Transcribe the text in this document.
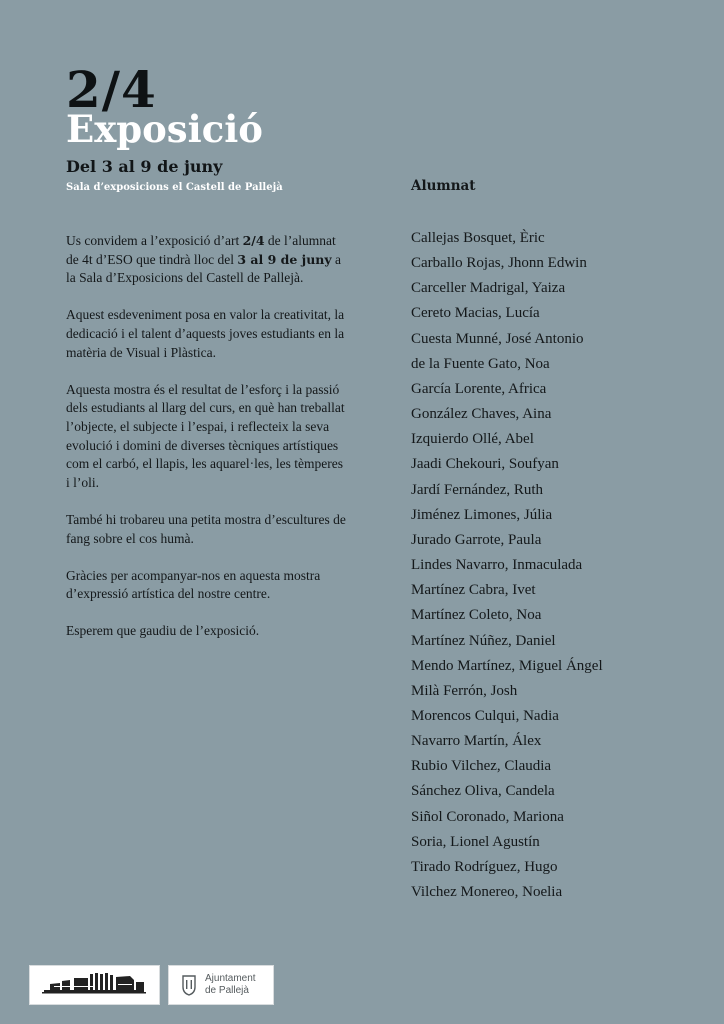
2/4
Exposició
Del 3 al 9 de juny
Sala d’exposicions el Castell de Pallejà

Us convidem a l’exposició d’art 2/4 de l’alumnat de 4t d’ESO que tindrà lloc del 3 al 9 de juny a la Sala d’Exposicions del Castell de Pallejà.

Aquest esdeveniment posa en valor la creativitat, la dedicació i el talent d’aquests joves estudiants en la matèria de Visual i Plàstica.

Aquesta mostra és el resultat de l’esforç i la passió dels estudiants al llarg del curs, en què han treballat l’objecte, el subjecte i l’espai, i reflecteix la seva evolució i domini de diverses tècniques artístiques com el carbó, el llapis, les aquarel·les, les tèmperes i l’oli.

També hi trobareu una petita mostra d’escultures de fang sobre el cos humà.

Gràcies per acompanyar-nos en aquesta mostra d’expressió artística del nostre centre.

Esperem que gaudiu de l’exposició.

Alumnat
Callejas Bosquet, Èric
Carballo Rojas, Jhonn Edwin
Carceller Madrigal, Yaiza
Cereto Macias, Lucía
Cuesta Munné, José Antonio
de la Fuente Gato, Noa
García Lorente, Africa
González Chaves, Aina
Izquierdo Ollé, Abel
Jaadi Chekouri, Soufyan
Jardí Fernández, Ruth
Jiménez Limones, Júlia
Jurado Garrote, Paula
Lindes Navarro, Inmaculada
Martínez Cabra, Ivet
Martínez Coleto, Noa
Martínez Núñez, Daniel
Mendo Martínez, Miguel Ángel
Milà Ferrón, Josh
Morencos Culqui, Nadia
Navarro Martín, Álex
Rubio Vilchez, Claudia
Sánchez Oliva, Candela
Siñol Coronado, Mariona
Soria, Lionel Agustín
Tirado Rodríguez, Hugo
Vilchez Monereo, Noelia
Ajuntament
de Pallejà
